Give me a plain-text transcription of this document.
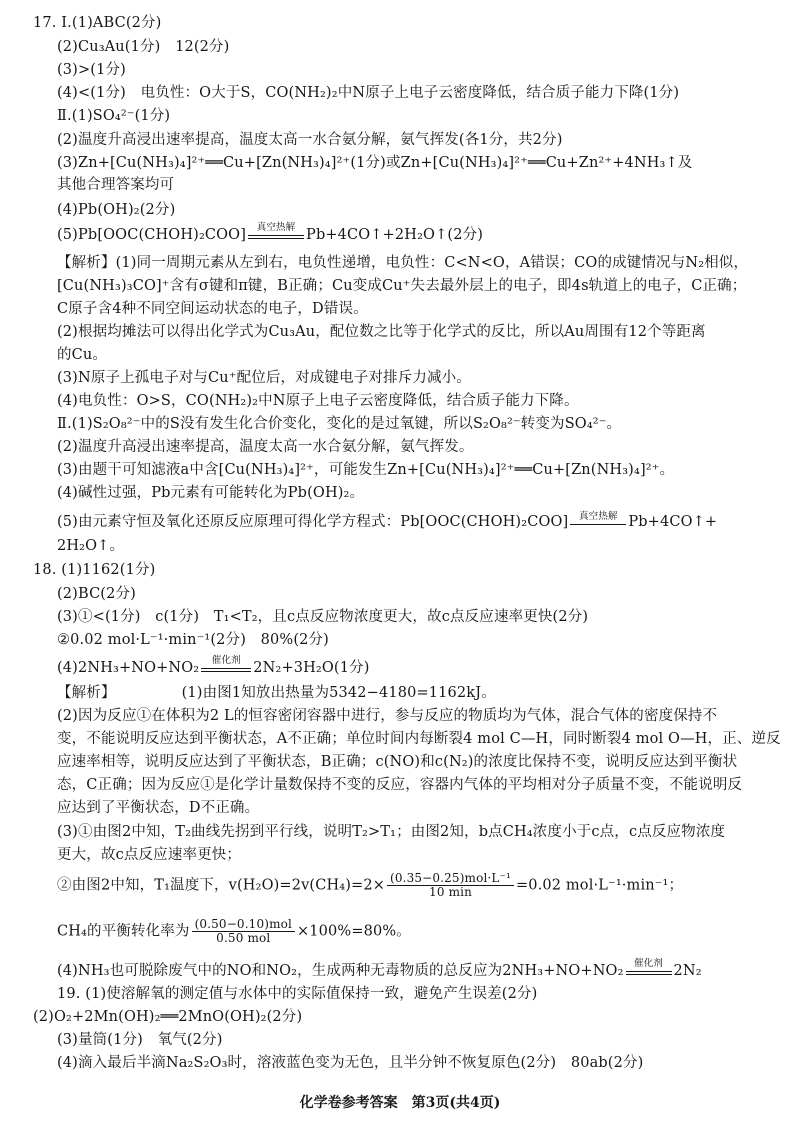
17. Ⅰ.(1)ABC(2分)
(2)Cu₃Au(1分)　12(2分)
(3)>(1分)
(4)<(1分)　电负性：O大于S，CO(NH₂)₂中N原子上电子云密度降低，结合质子能力下降(1分)
Ⅱ.(1)SO₄²⁻(1分)
(2)温度升高浸出速率提高，温度太高一水合氨分解，氨气挥发(各1分，共2分)
(3)Zn+[Cu(NH₃)₄]²⁺══Cu+[Zn(NH₃)₄]²⁺(1分)或Zn+[Cu(NH₃)₄]²⁺══Cu+Zn²⁺+4NH₃↑及
其他合理答案均可
(4)Pb(OH)₂(2分)
(5)Pb[OOC(CHOH)₂COO]	真空热解 Pb+4CO↑+2H₂O↑(2分)
【解析】(1)同一周期元素从左到右，电负性递增，电负性：C<N<O，A错误；CO的成键情况与N₂相似，
[Cu(NH₃)₃CO]⁺含有σ键和π键，B正确；Cu变成Cu⁺失去最外层上的电子，即4s轨道上的电子，C正确；
C原子含4种不同空间运动状态的电子，D错误。
(2)根据均摊法可以得出化学式为Cu₃Au，配位数之比等于化学式的反比，所以Au周围有12个等距离
的Cu。
(3)N原子上孤电子对与Cu⁺配位后，对成键电子对排斥力减小。
(4)电负性：O>S，CO(NH₂)₂中N原子上电子云密度降低，结合质子能力下降。
Ⅱ.(1)S₂O₈²⁻中的S没有发生化合价变化，变化的是过氧键，所以S₂O₈²⁻转变为SO₄²⁻。
(2)温度升高浸出速率提高，温度太高一水合氨分解，氨气挥发。
(3)由题干可知滤液a中含[Cu(NH₃)₄]²⁺，可能发生Zn+[Cu(NH₃)₄]²⁺══Cu+[Zn(NH₃)₄]²⁺。
(4)碱性过强，Pb元素有可能转化为Pb(OH)₂。
(5)由元素守恒及氧化还原反应原理可得化学方程式：Pb[OOC(CHOH)₂COO]	真空热解 Pb+4CO↑+
2H₂O↑。
18. (1)1162(1分)
(2)BC(2分)
(3)①<(1分)　c(1分)　T₁<T₂，且c点反应物浓度更大，故c点反应速率更快(2分)
②0.02 mol·L⁻¹·min⁻¹(2分)　80%(2分)
(4)2NH₃+NO+NO₂	催化剂 2N₂+3H₂O(1分)
【解析】　　　　　(1)由图1知放出热量为5342−4180=1162kJ。
(2)因为反应①在体积为2 L的恒容密闭容器中进行，参与反应的物质均为气体，混合气体的密度保持不
变，不能说明反应达到平衡状态，A不正确；单位时间内每断裂4 mol C—H，同时断裂4 mol O—H，正、逆反
应速率相等，说明反应达到了平衡状态，B正确；c(NO)和c(N₂)的浓度比保持不变，说明反应达到平衡状
态，C正确；因为反应①是化学计量数保持不变的反应，容器内气体的平均相对分子质量不变，不能说明反
应达到了平衡状态，D不正确。
(3)①由图2中知，T₂曲线先拐到平行线，说明T₂>T₁；由图2知，b点CH₄浓度小于c点，c点反应物浓度
更大，故c点反应速率更快；
②由图2中知，T₁温度下，$v(H_2O)=2v(CH_4)=2\times \frac{\text{(0.35−0.25)mol·L⁻¹}}{10 \min} =0.02$ mol·L⁻¹·min⁻¹；
CH₄的平衡转化率为 $\frac{\text{(0.50−0.10)mol}}{\text{0.50 mol}} \times 100\%=80\%$。
(4)NH₃也可脱除废气中的NO和NO₂，生成两种无毒物质的总反应为2NH₃+NO+NO₂	催化剂 2N₂
19. (1)使溶解氧的测定值与水体中的实际值保持一致，避免产生误差(2分)
(2)O₂+2Mn(OH)₂══2MnO(OH)₂(2分)
(3)量筒(1分)　氧气(2分)
(4)滴入最后半滴Na₂S₂O₃时，溶液蓝色变为无色，且半分钟不恢复原色(2分)　80ab(2分)
化学卷参考答案　第3页(共4页)
